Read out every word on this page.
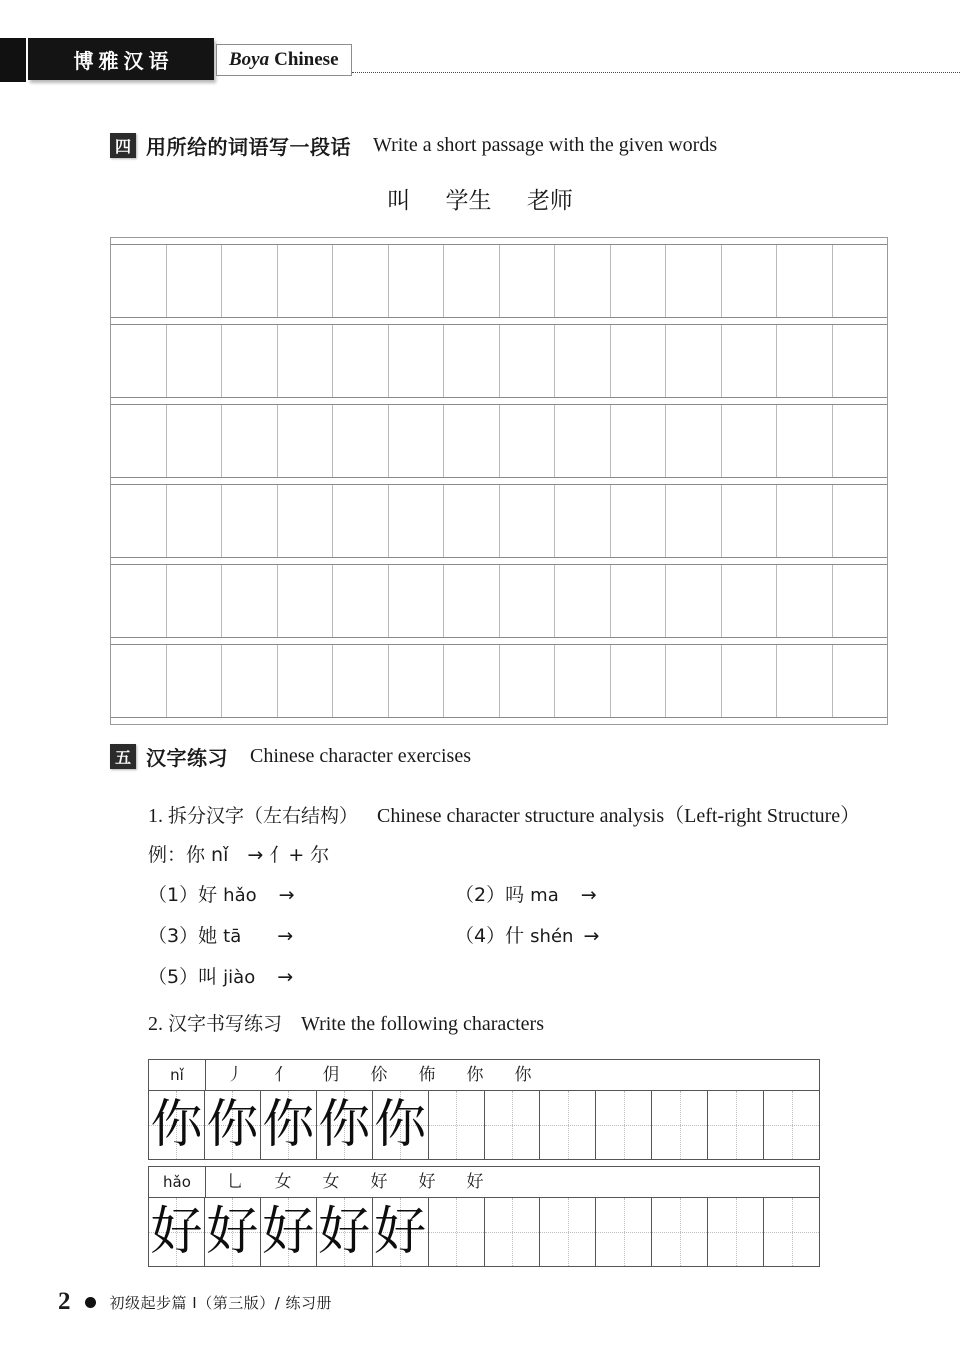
博雅汉语	Boya Chinese
四 用所给的词语写一段话 Write a short passage with the given words
叫 学生 老师
五 汉字练习 Chinese character exercises
1. 拆分汉字（左右结构） Chinese character structure analysis（Left-right Structure）
例：你 nǐ　→ 亻+ 尔
（1）好 hǎo →	（2）吗 ma →
（3）她 tā →	（4）什 shén →
（5）叫 jiào →
2. 汉字书写练习 Write the following characters
nǐ	丿	亻	仴	伱	佈	你	你
你 你 你 你 你
hǎo	乚	女	女	好	好	好
好 好 好 好 好
2	初级起步篇 I（第三版）/ 练习册
